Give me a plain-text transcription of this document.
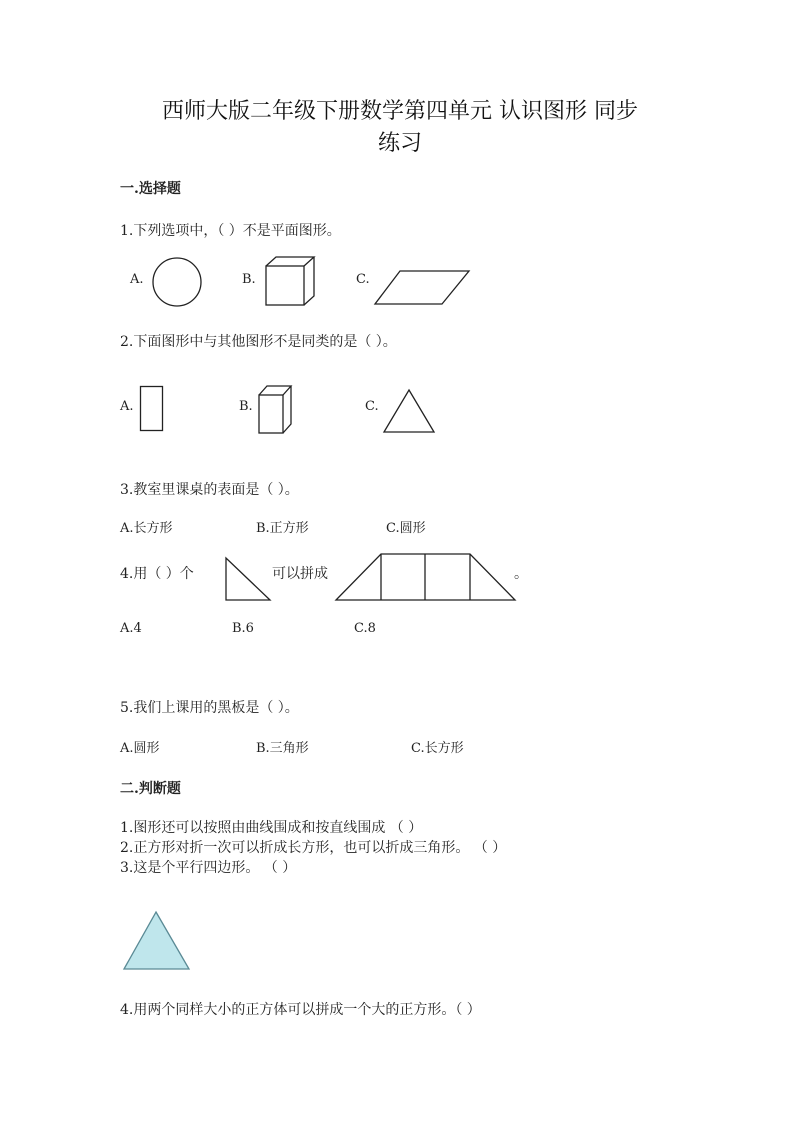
西师大版二年级下册数学第四单元 认识图形 同步
练习
一.选择题
1.下列选项中，（ ）不是平面图形。
A.	B.	C.
2.下面图形中与其他图形不是同类的是（ ）。
A.	B.	C.
3.教室里课桌的表面是（ ）。
A.长方形	B.正方形	C.圆形
4.用（ ）个	可以拼成	。
A.4	B.6	C.8
5.我们上课用的黑板是（ ）。
A.圆形	B.三角形	C.长方形
二.判断题
1.图形还可以按照由曲线围成和按直线围成 （ ）
2.正方形对折一次可以折成长方形，也可以折成三角形。 （ ）
3.这是个平行四边形。 （ ）
4.用两个同样大小的正方体可以拼成一个大的正方形。（ ）
